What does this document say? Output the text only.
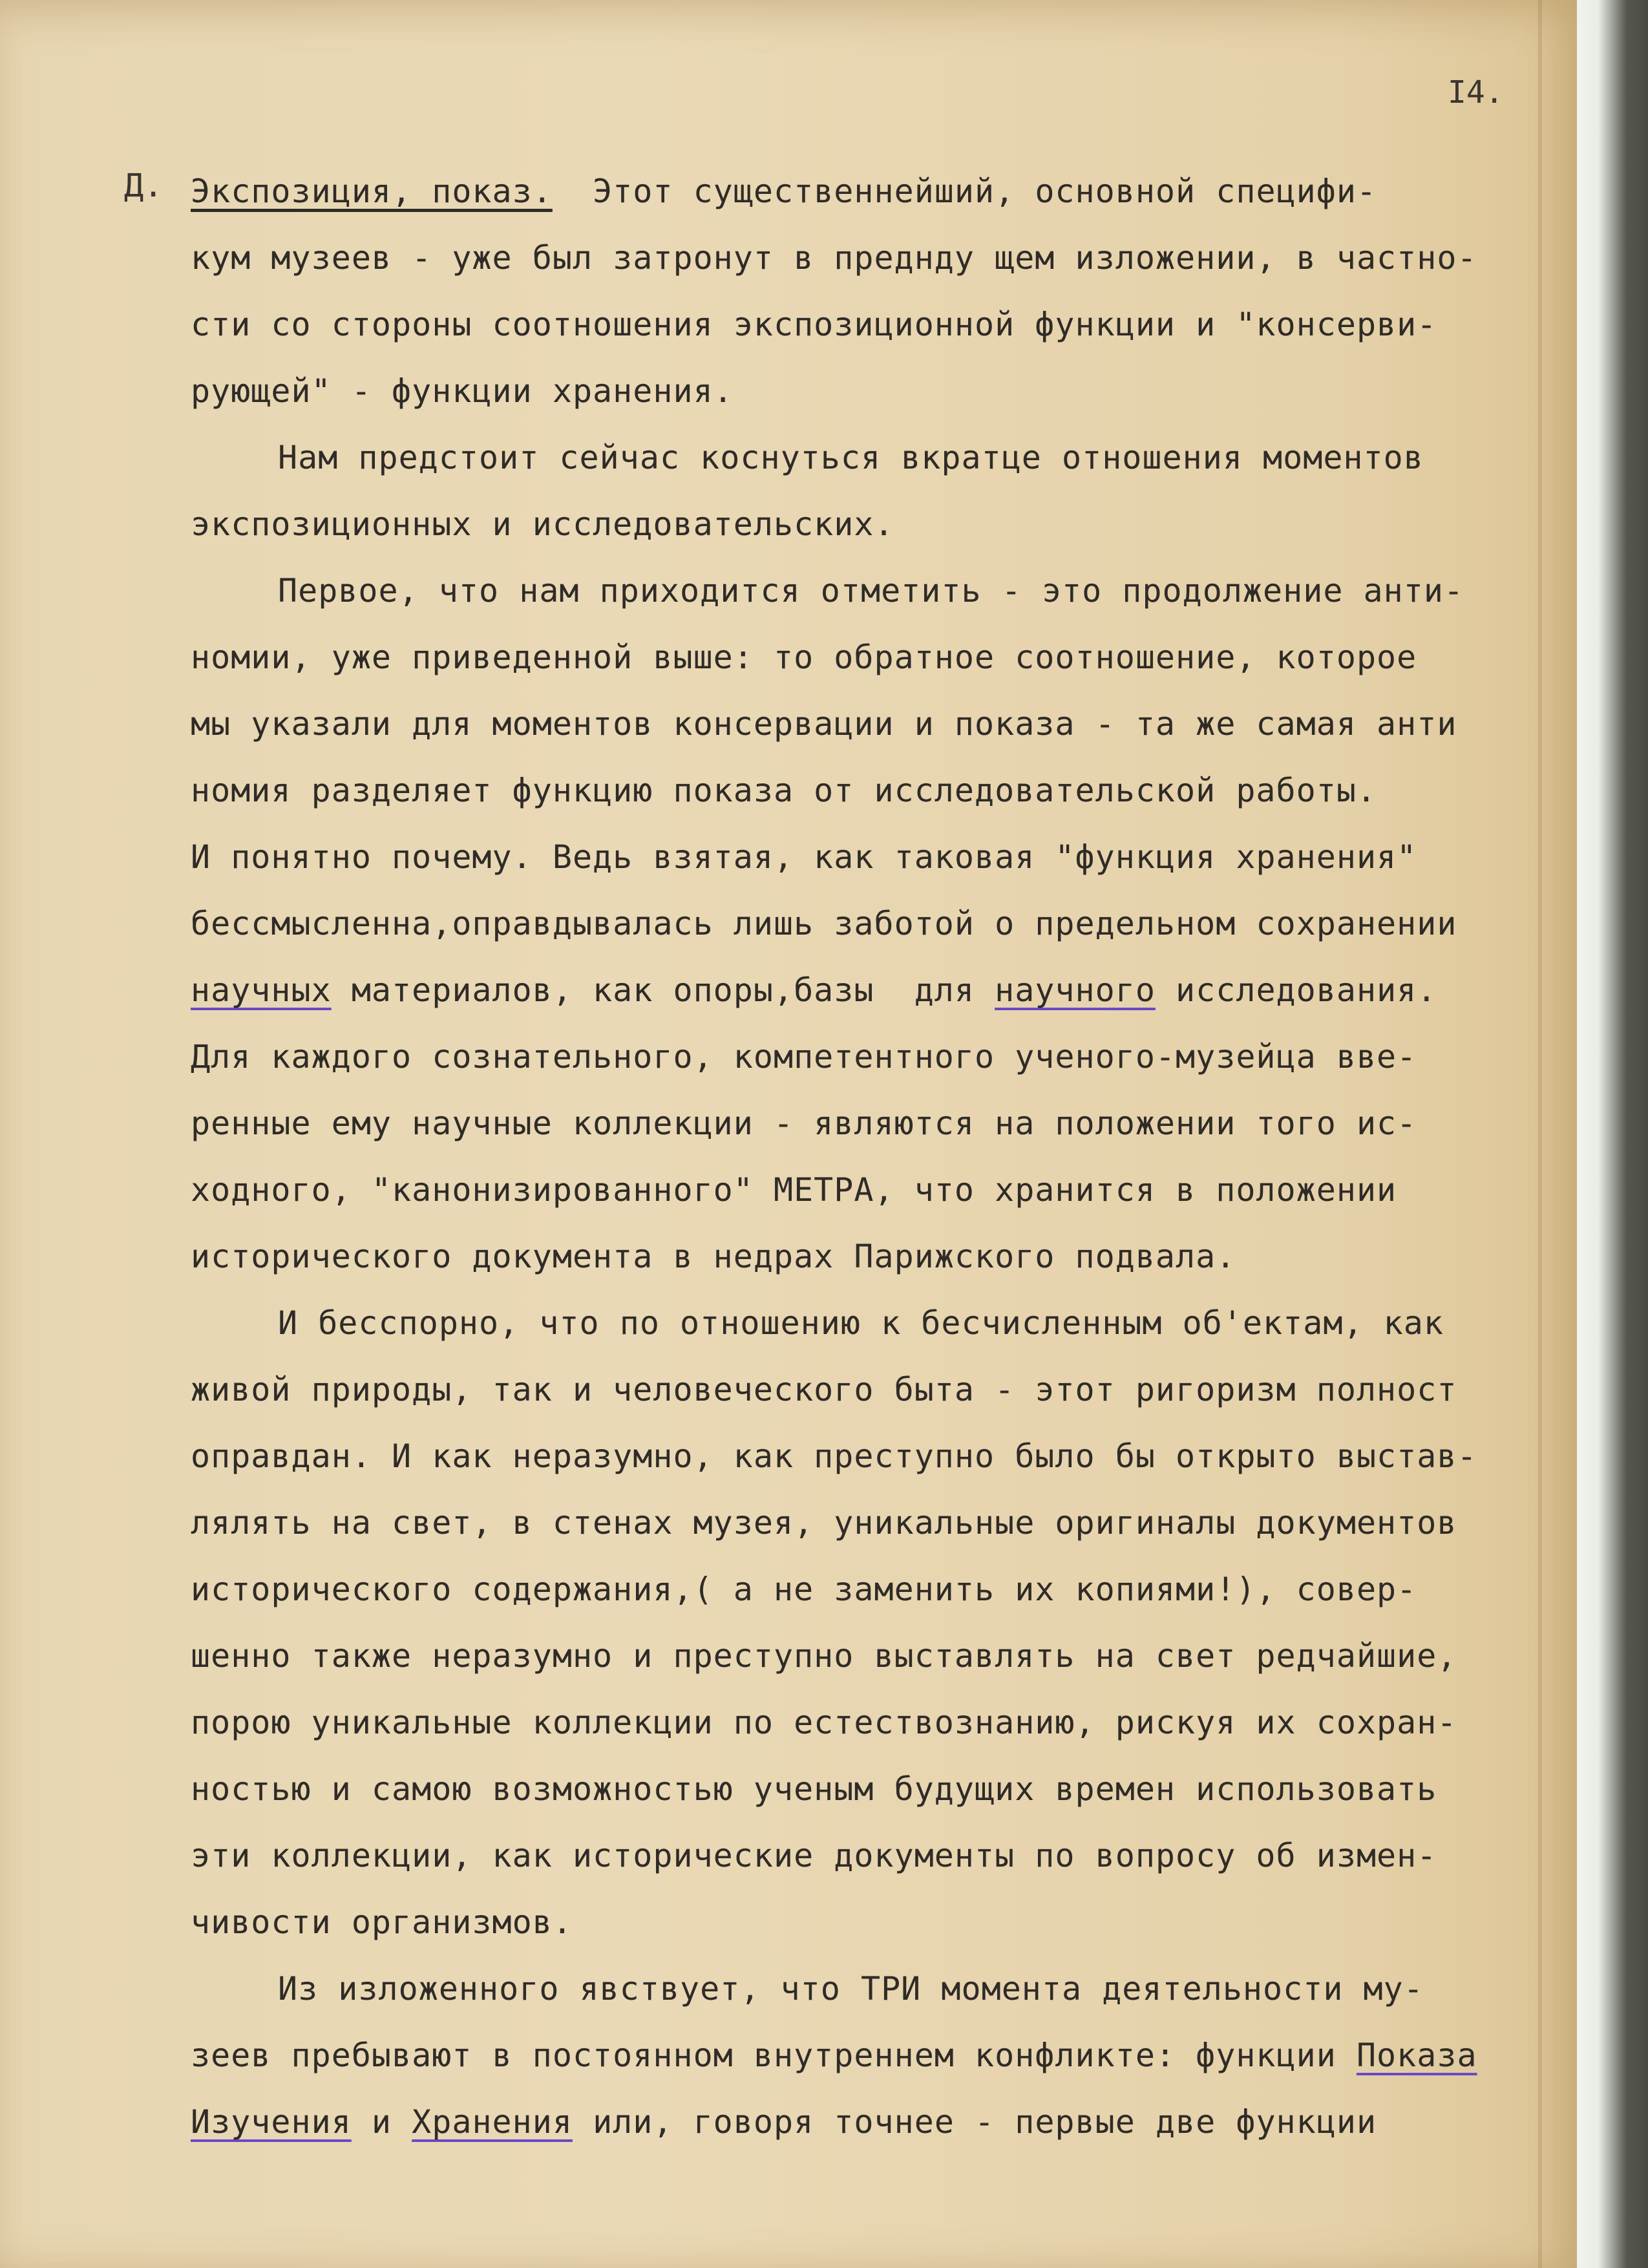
I4.
Д. Экспозиция, показ.  Этот существеннейший, основной специфи-

кум музеев - уже был затронут в преднду щем изложении, в частно-

сти со стороны соотношения экспозиционной функции и "консерви-

рующей" - функции хранения.

Нам предстоит сейчас коснуться вкратце отношения моментов

экспозиционных и исследовательских.

Первое, что нам приходится отметить - это продолжение анти-

номии, уже приведенной выше: то обратное соотношение, которое

мы указали для моментов консервации и показа - та же самая анти

номия разделяет функцию показа от исследовательской работы.

И понятно почему. Ведь взятая, как таковая "функция хранения"

бессмысленна,оправдывалась лишь заботой о предельном сохранении

научных материалов, как опоры,базы  для научного исследования.

Для каждого сознательного, компетентного ученого-музейца вве-

ренные ему научные коллекции - являются на положении того ис-

ходного, "канонизированного" МЕТРА, что хранится в положении

исторического документа в недрах Парижского подвала.

И бесспорно, что по отношению к бесчисленным об'ектам, как

живой природы, так и человеческого быта - этот ригоризм полност

оправдан. И как неразумно, как преступно было бы открыто выстав-

лялять на свет, в стенах музея, уникальные оригиналы документов

исторического содержания,( а не заменить их копиями!), совер-

шенно также неразумно и преступно выставлять на свет редчайшие,

порою уникальные коллекции по естествознанию, рискуя их сохран-

ностью и самою возможностью ученым будущих времен использовать

эти коллекции, как исторические документы по вопросу об измен-

чивости организмов.

Из изложенного явствует, что ТРИ момента деятельности му-

зеев пребывают в постоянном внутреннем конфликте: функции Показа

Изучения и Хранения или, говоря точнее - первые две функции
